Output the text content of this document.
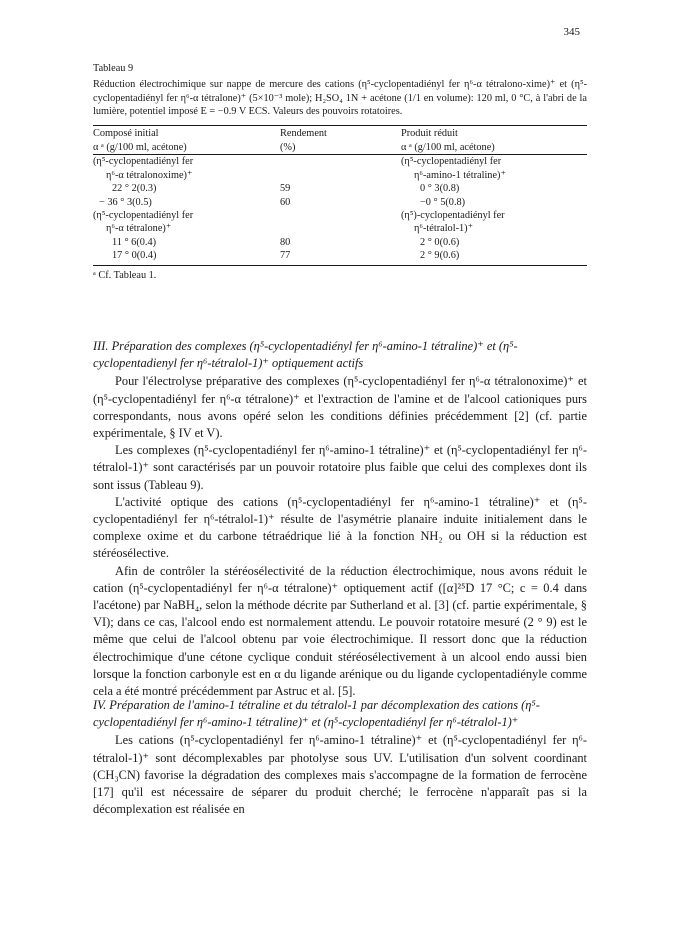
345

Tableau 9

Réduction électrochimique sur nappe de mercure des cations (η⁵-cyclopentadiényl fer η⁶-α tétralono-xime)⁺ et (η⁵-cyclopentadiényl fer η⁶-α tétralone)⁺ (5×10⁻³ mole); H₂SO₄ 1N + acétone (1/1 en volume): 120 ml, 0 °C, à l'abri de la lumière, potentiel imposé E = −0.9 V ECS. Valeurs des pouvoirs rotatoires.

Composé initial	Rendement	Produit réduit
α ᵃ (g/100 ml, acétone)	(%)	α ᵃ (g/100 ml, acétone)
(η⁵-cyclopentadiényl fer		(η⁵-cyclopentadiényl fer
η⁶-α tétralonoxime)⁺		η⁶-amino-1 tétraline)⁺
22 ° 2(0.3)	59	0 ° 3(0.8)
− 36 ° 3(0.5)	60	−0 ° 5(0.8)
(η⁵-cyclopentadiényl fer		(η⁵)-cyclopentadiényl fer
η⁶-α tétralone)⁺		η⁶-tétralol-1)⁺
11 ° 6(0.4)	80	2 ° 0(0.6)
17 ° 0(0.4)	77	2 ° 9(0.6)
ᵃ Cf. Tableau 1.

III. Préparation des complexes (η⁵-cyclopentadiényl fer η⁶-amino-1 tétraline)⁺ et (η⁵-cyclopentadienyl fer η⁶-tétralol-1)⁺ optiquement actifs

Pour l'électrolyse préparative des complexes (η⁵-cyclopentadiényl fer η⁶-α tétralonoxime)⁺ et (η⁵-cyclopentadiényl fer η⁶-α tétralone)⁺ et l'extraction de l'amine et de l'alcool cationiques purs correspondants, nous avons opéré selon les conditions définies précédemment [2] (cf. partie expérimentale, § IV et V).

Les complexes (η⁵-cyclopentadiényl fer η⁶-amino-1 tétraline)⁺ et (η⁵-cyclopentadiényl fer η⁶-tétralol-1)⁺ sont caractérisés par un pouvoir rotatoire plus faible que celui des complexes dont ils sont issus (Tableau 9).

L'activité optique des cations (η⁵-cyclopentadiényl fer η⁶-amino-1 tétraline)⁺ et (η⁵-cyclopentadiényl fer η⁶-tétralol-1)⁺ résulte de l'asymétrie planaire induite initialement dans le complexe oxime et du carbone tétraédrique lié à la fonction NH₂ ou OH si la réduction est stéréosélective.

Afin de contrôler la stéréosélectivité de la réduction électrochimique, nous avons réduit le cation (η⁵-cyclopentadiényl fer η⁶-α tétralone)⁺ optiquement actif ([α]²⁵D 17 °C; c = 0.4 dans l'acétone) par NaBH₄, selon la méthode décrite par Sutherland et al. [3] (cf. partie expérimentale, § VI); dans ce cas, l'alcool endo est normalement attendu. Le pouvoir rotatoire mesuré (2 ° 9) est le même que celui de l'alcool obtenu par voie électrochimique. Il ressort donc que la réduction électrochimique d'une cétone cyclique conduit stéréosélectivement à un alcool endo aussi bien lorsque la fonction carbonyle est en α du ligande arénique ou du ligande cyclopentadiényle comme cela a été montré précédemment par Astruc et al. [5].

IV. Préparation de l'amino-1 tétraline et du tétralol-1 par décomplexation des cations (η⁵-cyclopentadiényl fer η⁶-amino-1 tétraline)⁺ et (η⁵-cyclopentadiényl fer η⁶-tétralol-1)⁺

Les cations (η⁵-cyclopentadiényl fer η⁶-amino-1 tétraline)⁺ et (η⁵-cyclopentadiényl fer η⁶-tétralol-1)⁺ sont décomplexables par photolyse sous UV. L'utilisation d'un solvent coordinant (CH₃CN) favorise la dégradation des complexes mais s'accompagne de la formation de ferrocène [17] qu'il est nécessaire de séparer du produit cherché; le ferrocène n'apparaît pas si la décomplexation est réalisée en
